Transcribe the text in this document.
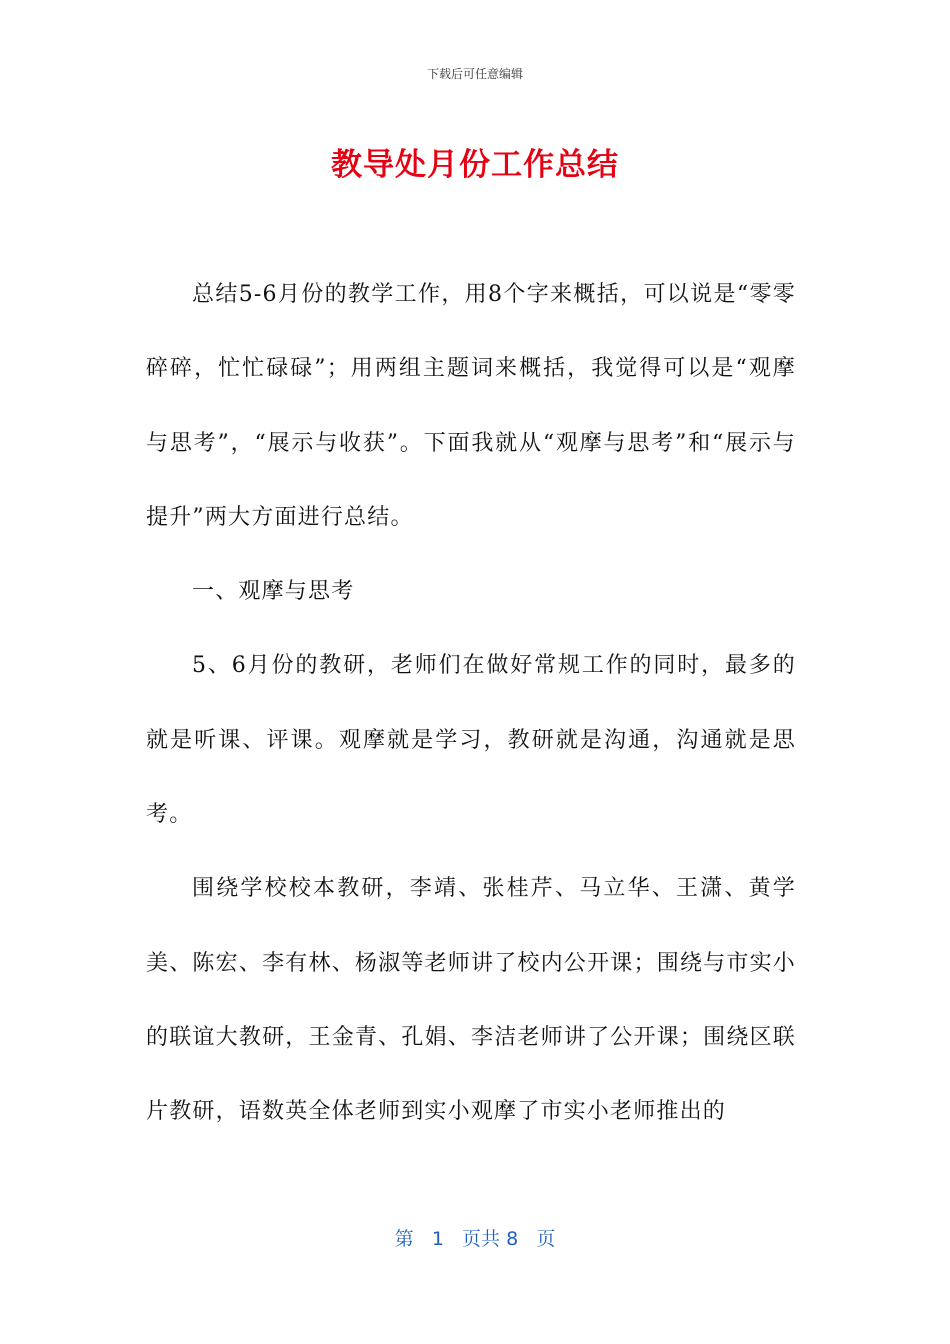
下载后可任意编辑
教导处月份工作总结

总结5-6月份的教学工作，用8个字来概括，可以说是“零零碎碎，忙忙碌碌”；用两组主题词来概括，我觉得可以是“观摩与思考”，“展示与收获”。下面我就从“观摩与思考”和“展示与提升”两大方面进行总结。

一、观摩与思考

5、6月份的教研，老师们在做好常规工作的同时，最多的就是听课、评课。观摩就是学习，教研就是沟通，沟通就是思考。

围绕学校校本教研，李靖、张桂芹、马立华、王潇、黄学美、陈宏、李有林、杨淑等老师讲了校内公开课；围绕与市实小的联谊大教研，王金青、孔娟、李洁老师讲了公开课；围绕区联片教研，语数英全体老师到实小观摩了市实小老师推出的

第 1 页共 8 页
